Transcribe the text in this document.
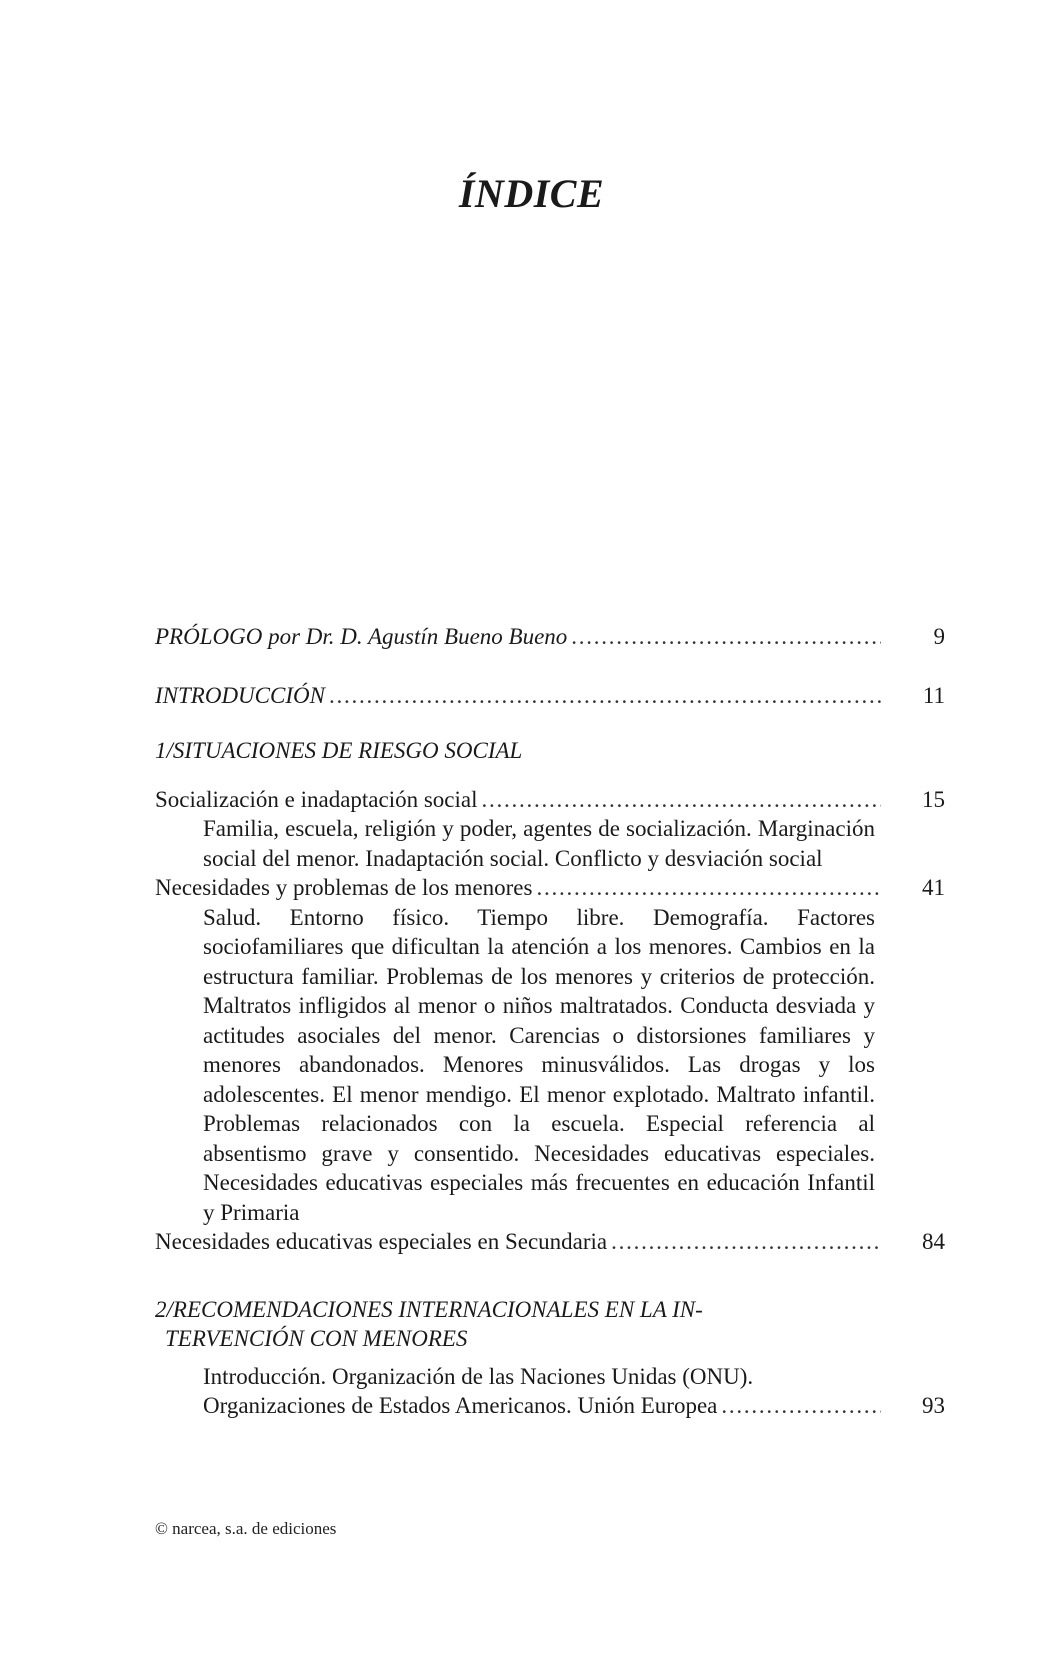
ÍNDICE
PRÓLOGO por Dr. D. Agustín Bueno Bueno . . .	9
INTRODUCCIÓN . . .	11
1/SITUACIONES DE RIESGO SOCIAL
Socialización e inadaptación social . . .	15
Familia, escuela, religión y poder, agentes de socialización. Marginación social del menor. Inadaptación social. Conflicto y desviación social
Necesidades y problemas de los menores . . .	41
Salud. Entorno físico. Tiempo libre. Demografía. Factores sociofamiliares que dificultan la atención a los menores. Cambios en la estructura familiar. Problemas de los menores y criterios de protección. Maltratos infligidos al menor o niños maltratados. Conducta desviada y actitudes asociales del menor. Carencias o distorsiones familiares y menores abandonados. Menores minusválidos. Las drogas y los adolescentes. El menor mendigo. El menor explotado. Maltrato infantil. Problemas relacionados con la escuela. Especial referencia al absentismo grave y consentido. Necesidades educativas especiales. Necesidades educativas especiales más frecuentes en educación Infantil y Primaria
Necesidades educativas especiales en Secundaria . . .	84
2/RECOMENDACIONES INTERNACIONALES EN LA IN-
TERVENCIÓN CON MENORES
Introducción. Organización de las Naciones Unidas (ONU).
Organizaciones de Estados Americanos. Unión Europea . . .	93
© narcea, s.a. de ediciones
